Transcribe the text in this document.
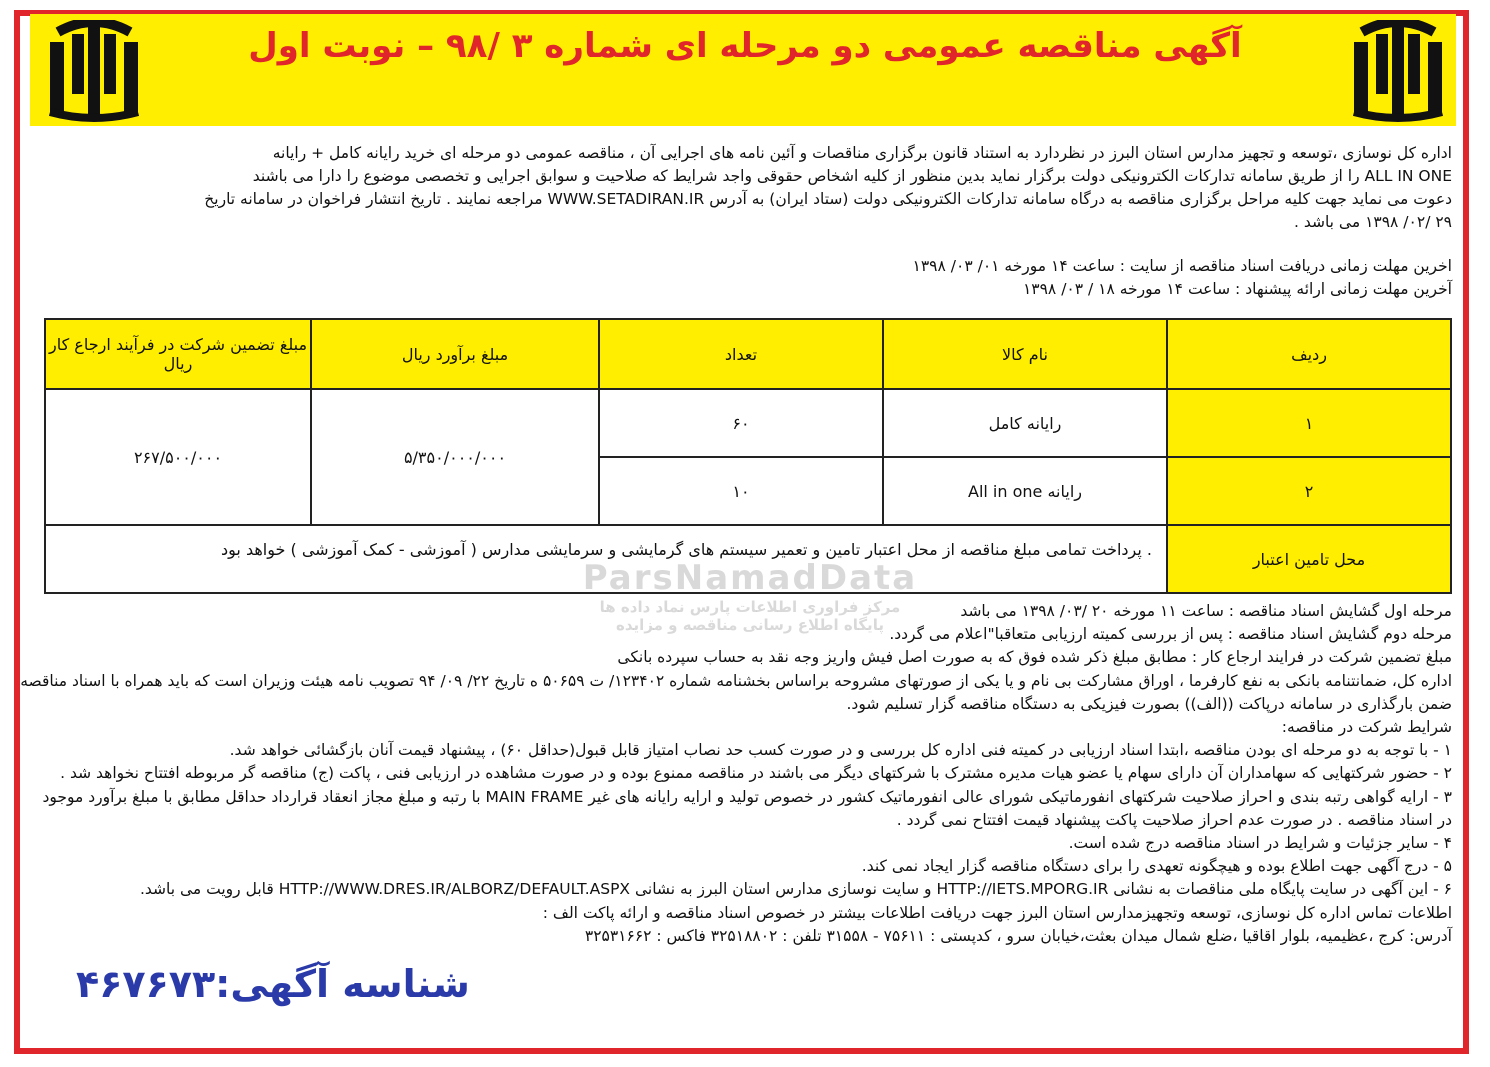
آگهی مناقصه عمومی دو مرحله ای شماره ۳ /۹۸ – نوبت اول
اداره کل نوسازی ،توسعه و تجهیز مدارس استان البرز در نظردارد به استناد قانون برگزاری مناقصات و آئین نامه های اجرایی آن ، مناقصه عمومی دو مرحله ای خرید رایانه کامل + رایانه
ALL IN ONE را از طریق سامانه تدارکات الکترونیکی دولت برگزار نماید بدین منظور از کلیه اشخاص حقوقی واجد شرایط که صلاحیت و سوابق اجرایی و تخصصی موضوع را دارا می باشند
دعوت می نماید جهت کلیه مراحل برگزاری مناقصه به درگاه سامانه تدارکات الکترونیکی دولت (ستاد ایران) به آدرس WWW.SETADIRAN.IR مراجعه نمایند . تاریخ انتشار فراخوان در سامانه تاریخ
۲۹ /۰۲/ ۱۳۹۸ می باشد .
اخرین مهلت زمانی دریافت اسناد مناقصه از سایت : ساعت ۱۴ مورخه ۰۱/ ۰۳/ ۱۳۹۸
آخرین مهلت زمانی ارائه پیشنهاد : ساعت ۱۴ مورخه ۱۸ / ۰۳/ ۱۳۹۸
ردیف	نام کالا	تعداد	مبلغ برآورد ریال	مبلغ تضمین شرکت در فرآیند ارجاع کار ریال
۱	رایانه کامل	۶۰	۵/۳۵۰/۰۰۰/۰۰۰	۲۶۷/۵۰۰/۰۰۰
۲	رایانه All in one	۱۰		
محل تامین اعتبار	. پرداخت تمامی مبلغ مناقصه از محل اعتبار تامین و تعمیر سیستم های گرمایشی و سرمایشی مدارس ( آموزشی - کمک آموزشی ) خواهد بود			
ParsNamadData
مرکز فراوری اطلاعات پارس نماد داده ها
پایگاه اطلاع رسانی مناقصه و مزایده
مرحله اول گشایش اسناد مناقصه : ساعت ۱۱ مورخه ۲۰ /۰۳/ ۱۳۹۸ می باشد
مرحله دوم گشایش اسناد مناقصه : پس از بررسی کمیته ارزیابی متعاقبا"اعلام می گردد.
مبلغ تضمین شرکت در فرایند ارجاع کار : مطابق مبلغ ذکر شده فوق که به صورت اصل فیش واریز وجه نقد به حساب سپرده بانکی
اداره کل، ضمانتنامه بانکی به نفع کارفرما ، اوراق مشارکت بی نام و یا یکی از صورتهای مشروحه براساس بخشنامه شماره ۱۲۳۴۰۲/ ت ۵۰۶۵۹ ه تاریخ ۲۲/ ۰۹/ ۹۴ تصویب نامه هیئت وزیران است که باید همراه با اسناد مناقصه
ضمن بارگذاری در سامانه درپاکت ((الف)) بصورت فیزیکی به دستگاه مناقصه گزار تسلیم شود.
شرایط شرکت در مناقصه:
۱ - با توجه به دو مرحله ای بودن مناقصه ،ابتدا اسناد ارزیابی در کمیته فنی اداره کل بررسی و در صورت کسب حد نصاب امتیاز قابل قبول(حداقل ۶۰) ، پیشنهاد قیمت آنان بازگشائی خواهد شد.
۲ - حضور شرکتهایی که سهامداران آن دارای سهام یا عضو هیات مدیره مشترک با شرکتهای دیگر می باشند در مناقصه ممنوع بوده و در صورت مشاهده در ارزیابی فنی ، پاکت (ج) مناقصه گر مربوطه افتتاح نخواهد شد .
۳ - ارایه گواهی رتبه بندی و احراز صلاحیت شرکتهای انفورماتیکی شورای عالی انفورماتیک کشور در خصوص تولید و ارایه رایانه های غیر MAIN FRAME با رتبه و مبلغ مجاز انعقاد قرارداد حداقل مطابق با مبلغ برآورد موجود
در اسناد مناقصه . در صورت عدم احراز صلاحیت پاکت پیشنهاد قیمت افتتاح نمی گردد .
۴ - سایر جزئیات و شرایط در اسناد مناقصه درج شده است.
۵ - درج آگهی جهت اطلاع بوده و هیچگونه تعهدی را برای دستگاه مناقصه گزار ایجاد نمی کند.
۶ - این آگهی در سایت پایگاه ملی مناقصات به نشانی HTTP://IETS.MPORG.IR و سایت نوسازی مدارس استان البرز به نشانی HTTP://WWW.DRES.IR/ALBORZ/DEFAULT.ASPX قابل رویت می باشد.
اطلاعات تماس اداره کل نوسازی، توسعه وتجهیزمدارس استان البرز جهت دریافت اطلاعات بیشتر در خصوص اسناد مناقصه و ارائه پاکت الف :
آدرس: کرج ،عظیمیه، بلوار اقاقیا ،ضلع شمال میدان بعثت،خیابان سرو ، کدپستی : ۷۵۶۱۱ - ۳۱۵۵۸ تلفن : ۳۲۵۱۸۸۰۲ فاکس : ۳۲۵۳۱۶۶۲
شناسه آگهی:۴۶۷۶۷۳
